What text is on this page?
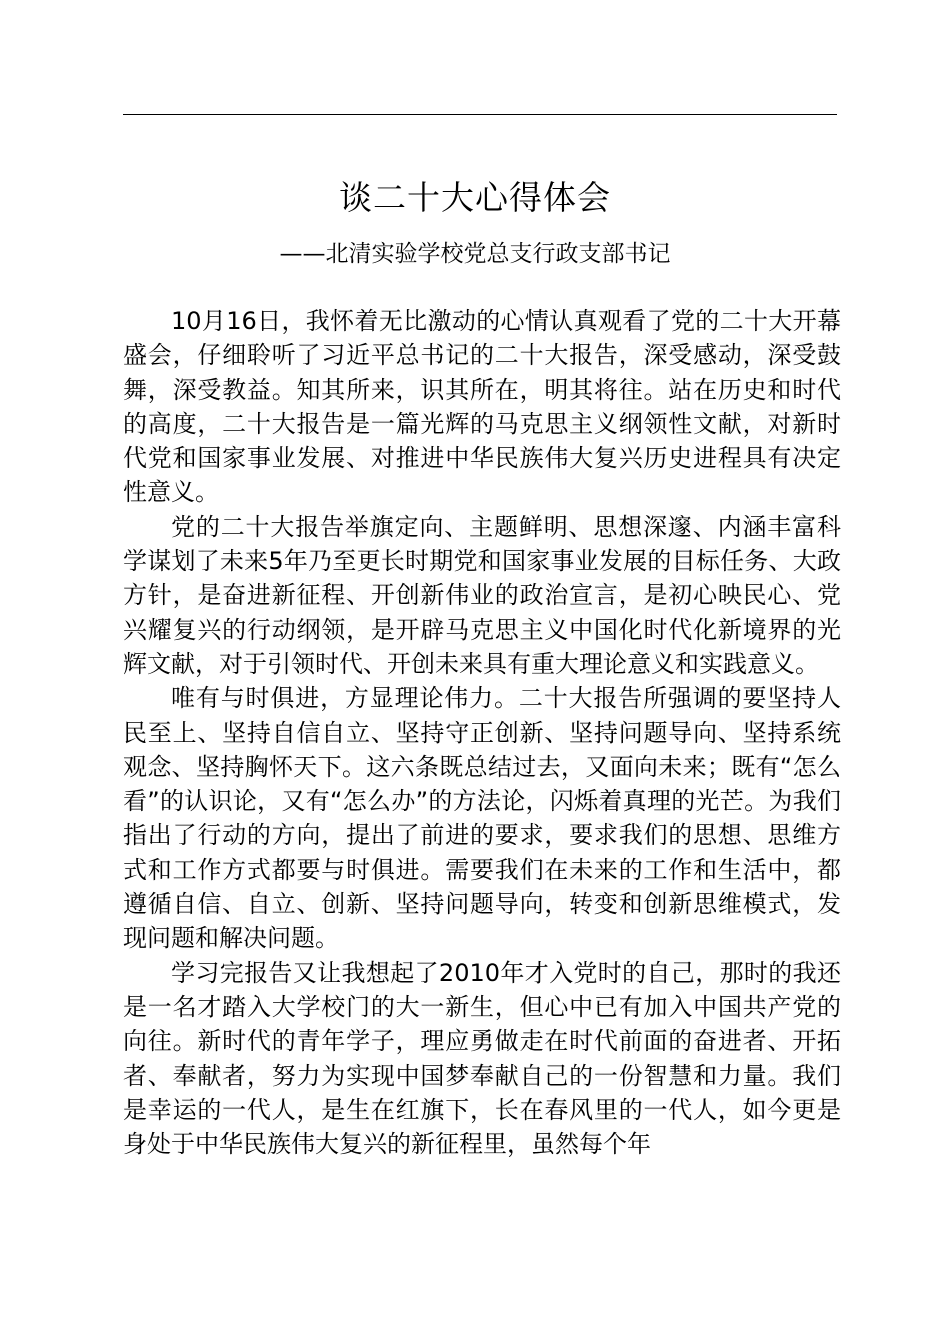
谈二十大心得体会
——北清实验学校党总支行政支部书记

10月16日，我怀着无比激动的心情认真观看了党的二十大开幕盛会，仔细聆听了习近平总书记的二十大报告，深受感动，深受鼓舞，深受教益。知其所来，识其所在，明其将往。站在历史和时代的高度，二十大报告是一篇光辉的马克思主义纲领性文献，对新时代党和国家事业发展、对推进中华民族伟大复兴历史进程具有决定性意义。

党的二十大报告举旗定向、主题鲜明、思想深邃、内涵丰富科学谋划了未来5年乃至更长时期党和国家事业发展的目标任务、大政方针，是奋进新征程、开创新伟业的政治宣言，是初心映民心、党兴耀复兴的行动纲领，是开辟马克思主义中国化时代化新境界的光辉文献，对于引领时代、开创未来具有重大理论意义和实践意义。

唯有与时俱进，方显理论伟力。二十大报告所强调的要坚持人民至上、坚持自信自立、坚持守正创新、坚持问题导向、坚持系统观念、坚持胸怀天下。这六条既总结过去，又面向未来；既有“怎么看”的认识论，又有“怎么办”的方法论，闪烁着真理的光芒。为我们指出了行动的方向，提出了前进的要求，要求我们的思想、思维方式和工作方式都要与时俱进。需要我们在未来的工作和生活中，都遵循自信、自立、创新、坚持问题导向，转变和创新思维模式，发现问题和解决问题。

学习完报告又让我想起了2010年才入党时的自己，那时的我还是一名才踏入大学校门的大一新生，但心中已有加入中国共产党的向往。新时代的青年学子，理应勇做走在时代前面的奋进者、开拓者、奉献者，努力为实现中国梦奉献自己的一份智慧和力量。我们是幸运的一代人，是生在红旗下，长在春风里的一代人，如今更是身处于中华民族伟大复兴的新征程里，虽然每个年
